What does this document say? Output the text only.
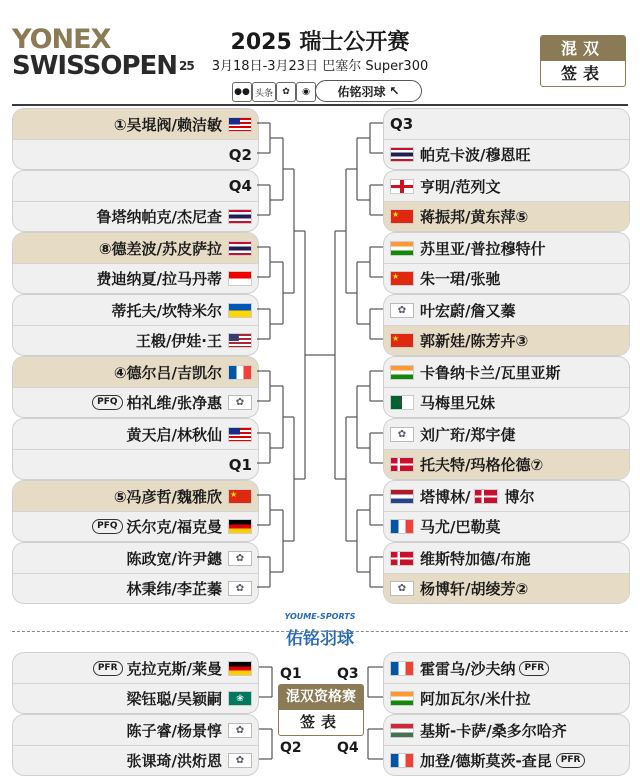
YONEX
SWISSOPEN $^{25}$
2025 瑞士公开赛
3月18日-3月23日 巴塞尔 Super300
●● 头条	✿	◉	佑铭羽球 ↖
混双
签表
①吴堒阀/赖洁敏
Q2
Q4
鲁塔纳帕克/杰尼查
⑧德差波/苏皮萨拉
费迪纳夏/拉马丹蒂
蒂托夫/坎特米尔
王椴/伊娃·王
④德尔吕/吉凯尔
PFQ 柏礼维/张净惠	✿
黄天启/林秋仙
Q1
⑤冯彦哲/魏雅欣 ★
PFQ 沃尔克/福克曼
陈政宽/许尹鏸	✿
林秉纬/李芷蓁	✿
Q3
帕克卡波/穆恩旺
亨明/范列文
★	蒋振邦/黄东萍⑤
苏里亚/普拉穆特什
★	朱一珺/张驰
✿ 叶宏蔚/詹又蓁
★	郭新娃/陈芳卉③
卡鲁纳卡兰/瓦里亚斯
☾ 马梅里兄妹
✿ 刘广珩/郑宇倢
托夫特/玛格伦德⑦
塔博林/ 博尔
马尤/巴勒莫
维斯特加德/布施
✿ 杨博轩/胡绫芳②
YOUME-SPORTS
佑铭羽球
PFR 克拉克斯/莱曼
梁钰聪/吴颖嗣	❀
陈子睿/杨景惇	✿
张课琦/洪烆恩	✿
霍雷乌/沙夫纳	PFR
阿加瓦尔/米什拉
基斯-卡萨/桑多尔哈齐
加登/德斯莫茨-查昆	PFR
Q1
Q2
Q3
Q4
混双资格赛
签表
